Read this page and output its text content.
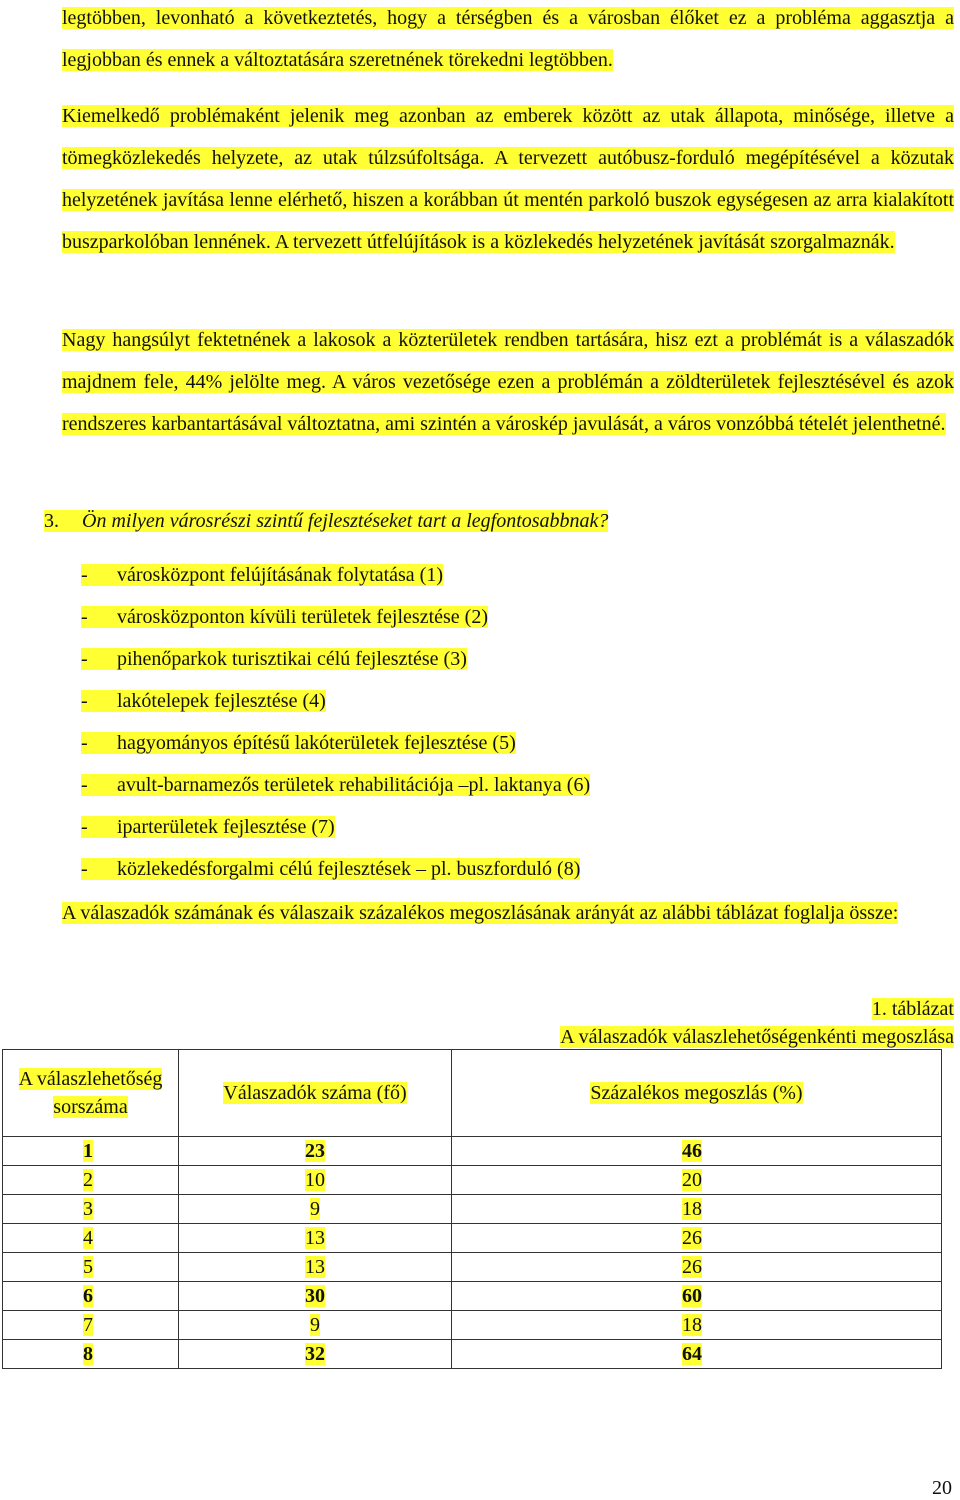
legtöbben, levonható a következtetés, hogy a térségben és a városban élőket ez a probléma aggasztja a legjobban és ennek a változtatására szeretnének törekedni legtöbben.

Kiemelkedő problémaként jelenik meg azonban az emberek között az utak állapota, minősége, illetve a tömegközlekedés helyzete, az utak túlzsúfoltsága. A tervezett autóbusz-forduló megépítésével a közutak helyzetének javítása lenne elérhető, hiszen a korábban út mentén parkoló buszok egységesen az arra kialakított buszparkolóban lennének. A tervezett útfelújítások is a közlekedés helyzetének javítását szorgalmaznák.

Nagy hangsúlyt fektetnének a lakosok a közterületek rendben tartására, hisz ezt a problémát is a válaszadók majdnem fele, 44% jelölte meg. A város vezetősége ezen a problémán a zöldterületek fejlesztésével és azok rendszeres karbantartásával változtatna, ami szintén a városkép javulását, a város vonzóbbá tételét jelenthetné.

3. Ön milyen városrészi szintű fejlesztéseket tart a legfontosabbnak?

- városközpont felújításának folytatása (1)
- városközponton kívüli területek fejlesztése (2)
- pihenőparkok turisztikai célú fejlesztése (3)
- lakótelepek fejlesztése (4)
- hagyományos építésű lakóterületek fejlesztése (5)
- avult-barnamezős területek rehabilitációja –pl. laktanya (6)
- iparterületek fejlesztése (7)
- közlekedésforgalmi célú fejlesztések – pl. buszforduló (8)

A válaszadók számának és válaszaik százalékos megoszlásának arányát az alábbi táblázat foglalja össze:

1. táblázat

A válaszadók válaszlehetőségenkénti megoszlása

A válaszlehetőség sorszáma	Válaszadók száma (fő)	Százalékos megoszlás (%)
1	23	46
2	10	20
3	9	18
4	13	26
5	13	26
6	30	60
7	9	18
8	32	64
20
